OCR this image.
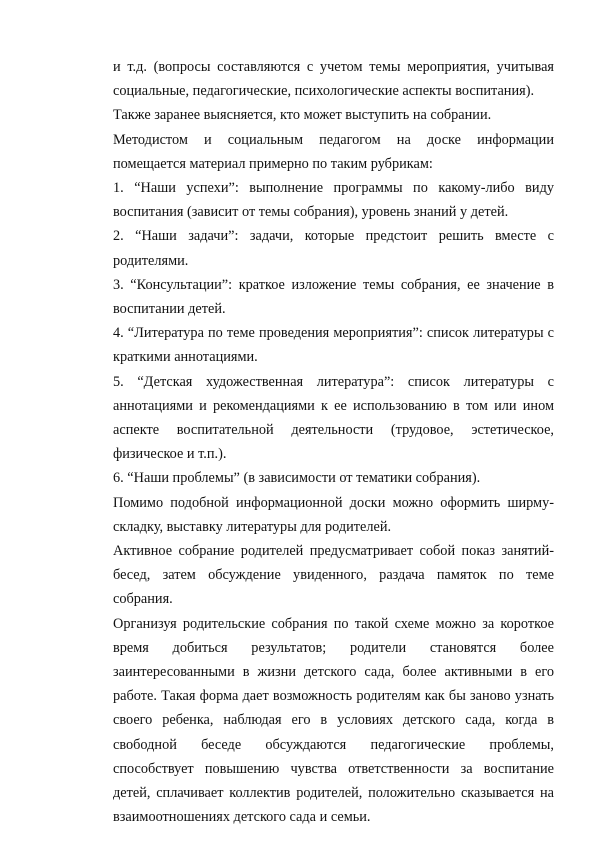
и т.д. (вопросы составляются с учетом темы мероприятия, учитывая социальные, педагогические, психологические аспекты воспитания).

Также заранее выясняется, кто может выступить на собрании.

Методистом и социальным педагогом на доске информации помещается материал примерно по таким рубрикам:

1. “Наши успехи”: выполнение программы по какому-либо виду воспитания (зависит от темы собрания), уровень знаний у детей.

2. “Наши задачи”: задачи, которые предстоит решить вместе с родителями.

3. “Консультации”: краткое изложение темы собрания, ее значение в воспитании детей.

4. “Литература по теме проведения мероприятия”: список литературы с краткими аннотациями.

5. “Детская художественная литература”: список литературы с аннотациями и рекомендациями к ее использованию в том или ином аспекте воспитательной деятельности (трудовое, эстетическое, физическое и т.п.).

6. “Наши проблемы” (в зависимости от тематики собрания).

Помимо подобной информационной доски можно оформить ширму-складку, выставку литературы для родителей.

Активное собрание родителей предусматривает собой показ занятий-бесед, затем обсуждение увиденного, раздача памяток по теме собрания.

Организуя родительские собрания по такой схеме можно за короткое время добиться результатов; родители становятся более заинтересованными в жизни детского сада, более активными в его работе. Такая форма дает возможность родителям как бы заново узнать своего ребенка, наблюдая его в условиях детского сада, когда в свободной беседе обсуждаются педагогические проблемы, способствует повышению чувства ответственности за воспитание детей, сплачивает коллектив родителей, положительно сказывается на взаимоотношениях детского сада и семьи.
